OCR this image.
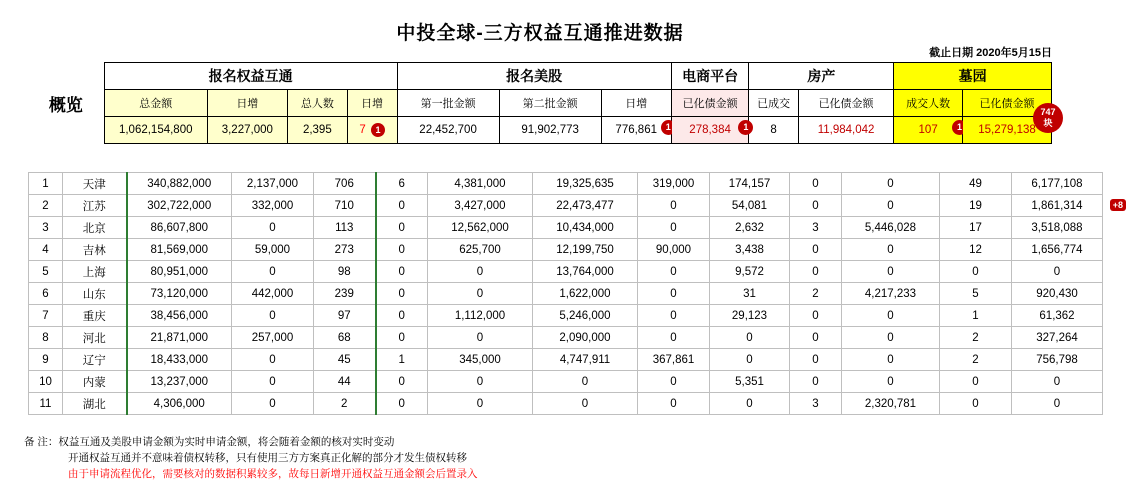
中投全球-三方权益互通推进数据
截止日期 2020年5月15日
概览
报名权益互通				报名美股			电商平台	房产		墓园	
总金额	日增	总人数	日增	第一批金额	第二批金额	日增	已化债金额	已成交	已化债金额	成交人数	已化债金额
1,062,154,800	3,227,000	2,395	7 1	22,452,700	91,902,773	776,861 1	278,384 1	8	11,984,042	107 1	15,279,138
747
块
1	天津	340,882,000	2,137,000	706	6	4,381,000	19,325,635	319,000	174,157	0	0	49	6,177,108
2	江苏	302,722,000	332,000	710	0	3,427,000	22,473,477	0	54,081	0	0	19	1,861,314 +8

3	北京	86,607,800	0	113	0	12,562,000	10,434,000	0	2,632	3	5,446,028	17	3,518,088
4	吉林	81,569,000	59,000	273	0	625,700	12,199,750	90,000	3,438	0	0	12	1,656,774
5	上海	80,951,000	0	98	0	0	13,764,000	0	9,572	0	0	0	0
6	山东	73,120,000	442,000	239	0	0	1,622,000	0	31	2	4,217,233	5	920,430
7	重庆	38,456,000	0	97	0	1,112,000	5,246,000	0	29,123	0	0	1	61,362
8	河北	21,871,000	257,000	68	0	0	2,090,000	0	0	0	0	2	327,264
9	辽宁	18,433,000	0	45	1	345,000	4,747,911	367,861	0	0	0	2	756,798
10	内蒙	13,237,000	0	44	0	0	0	0	5,351	0	0	0	0
11	湖北	4,306,000	0	2	0	0	0	0	0	3	2,320,781	0	0
备 注：权益互通及美股申请金额为实时申请金额，将会随着金额的核对实时变动
开通权益互通并不意味着债权转移，只有使用三方方案真正化解的部分才发生债权转移
由于申请流程优化，需要核对的数据积累较多，故每日新增开通权益互通金额会后置录入
